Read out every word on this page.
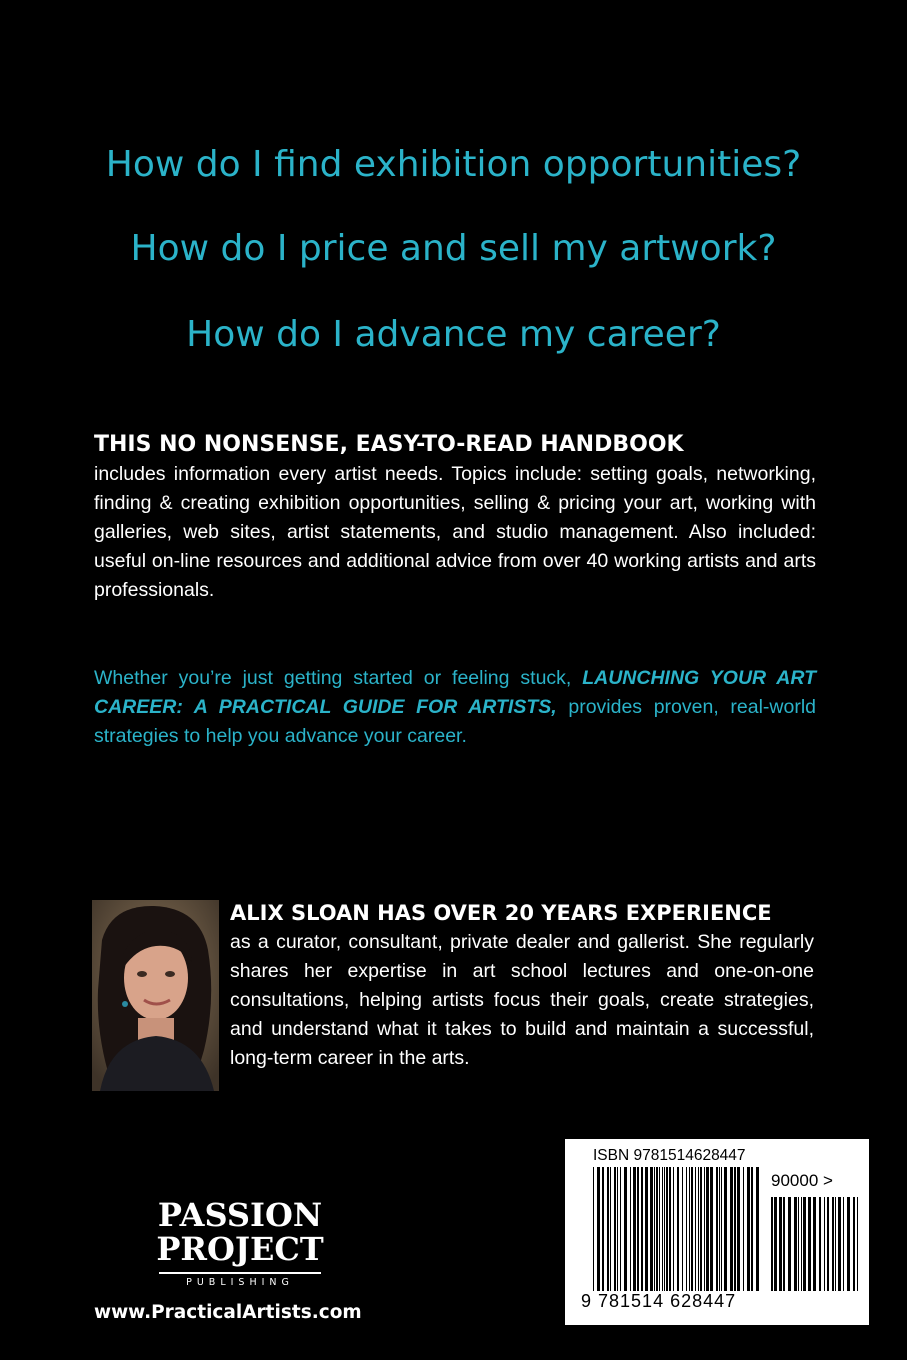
How do I find exhibition opportunities?
How do I price and sell my artwork?
How do I advance my career?
THIS NO NONSENSE, EASY-TO-READ HANDBOOK
includes information every artist needs. Topics include: setting goals, networking, finding & creating exhibition opportunities, selling & pricing your art, working with galleries, web sites, artist statements, and studio management. Also included: useful on-line resources and additional advice from over 40 working artists and arts professionals.
Whether you’re just getting started or feeling stuck, LAUNCHING YOUR ART CAREER: A PRACTICAL GUIDE FOR ARTISTS, provides proven, real-world strategies to help you advance your career.
ALIX SLOAN HAS OVER 20 YEARS EXPERIENCE
as a curator, consultant, private dealer and gallerist. She regularly shares her expertise in art school lectures and one-on-one consultations, helping artists focus their goals, create strategies, and understand what it takes to build and maintain a successful, long-term career in the arts.
ISBN 9781514628447
90000 >
9 781514 628447
PASSION
PROJECT
PUBLISHING
www.PracticalArtists.com
